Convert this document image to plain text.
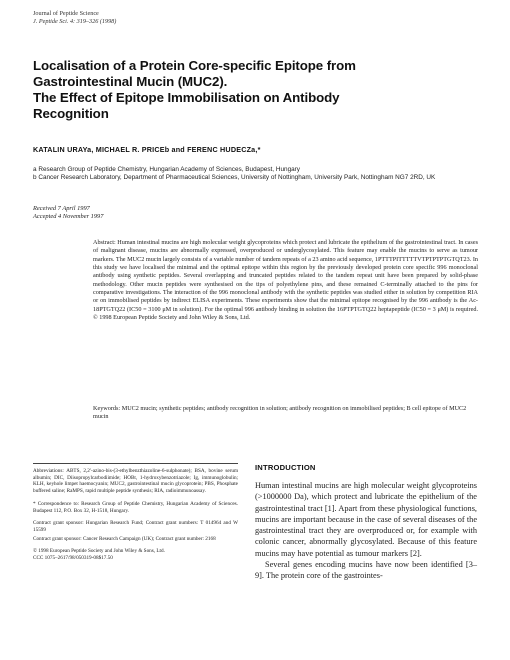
Journal of Peptide Science
J. Peptide Sci. 4: 319–326 (1998)
Localisation of a Protein Core-specific Epitope from
Gastrointestinal Mucin (MUC2).
The Effect of Epitope Immobilisation on Antibody
Recognition
KATALIN URAYa, MICHAEL R. PRICEb and FERENC HUDECZa,*
a Research Group of Peptide Chemistry, Hungarian Academy of Sciences, Budapest, Hungary
b Cancer Research Laboratory, Department of Pharmaceutical Sciences, University of Nottingham, University Park, Nottingham NG7 2RD, UK
Received 7 April 1997
Accepted 4 November 1997
Abstract: Human intestinal mucins are high molecular weight glycoproteins which protect and lubricate the epithelium of the gastrointestinal tract. In cases of malignant disease, mucins are abnormally expressed, overproduced or underglycosylated. This feature may enable the mucins to serve as tumour markers. The MUC2 mucin largely consists of a variable number of tandem repeats of a 23 amino acid sequence, 1PTTTPITTTTTVTPTPTPTGTQT23. In this study we have localised the minimal and the optimal epitope within this region by the previously developed protein core specific 996 monoclonal antibody using synthetic peptides. Several overlapping and truncated peptides related to the tandem repeat unit have been prepared by solid-phase methodology. Other mucin peptides were synthesised on the tips of polyethylene pins, and these remained C-terminally attached to the pins for comparative investigations. The interaction of the 996 monoclonal antibody with the synthetic peptides was studied either in solution by competition RIA or on immobilised peptides by indirect ELISA experiments. These experiments show that the minimal epitope recognised by the 996 antibody is the Ac-18PTGTQ22 (IC50 = 3100 μM in solution). For the optimal 996 antibody binding in solution the 16PTPTGTQ22 heptapeptide (IC50 = 3 μM) is required. © 1998 European Peptide Society and John Wiley & Sons, Ltd.
Keywords: MUC2 mucin; synthetic peptides; antibody recognition in solution; antibody recognition on immobilised peptides; B cell epitope of MUC2 mucin

Abbreviations: ABTS, 2,2′-azino-bis-(3-ethylbenzthiazoline-6-sulphonate); BSA, bovine serum albumin; DIC, Diisopropylcarbodiimide; HOBt, 1-hydroxybenzotriazole; Ig, immunoglobulin; KLH, keyhole limpet haemocyanin; MUC2, gastrointestinal mucin glycoprotein; PBS, Phosphate buffered saline; RaMPS, rapid multiple peptide synthesis; RIA, radioimmunoassay.

* Correspondence to: Research Group of Peptide Chemistry, Hungarian Academy of Sciences. Budapest 112, P.O. Box 32, H-1518, Hungary.

Contract grant sponsor: Hungarian Research Fund; Contract grant numbers: T 014964 and W 15599

Contract grant sponsor: Cancer Research Campaign (UK); Contract grant number: 2168

© 1998 European Peptide Society and John Wiley & Sons, Ltd.
CCC 1075–2617/98/050319-08$17.50
INTRODUCTION

Human intestinal mucins are high molecular weight glycoproteins (>1000000 Da), which protect and lubricate the epithelium of the gastrointestinal tract [1]. Apart from these physiological functions, mucins are important because in the case of several diseases of the gastrointestinal tract they are overproduced or, for example with colonic cancer, abnormally glycosylated. Because of this feature mucins may have potential as tumour markers [2].

Several genes encoding mucins have now been identified [3–9]. The protein core of the gastrointes-
